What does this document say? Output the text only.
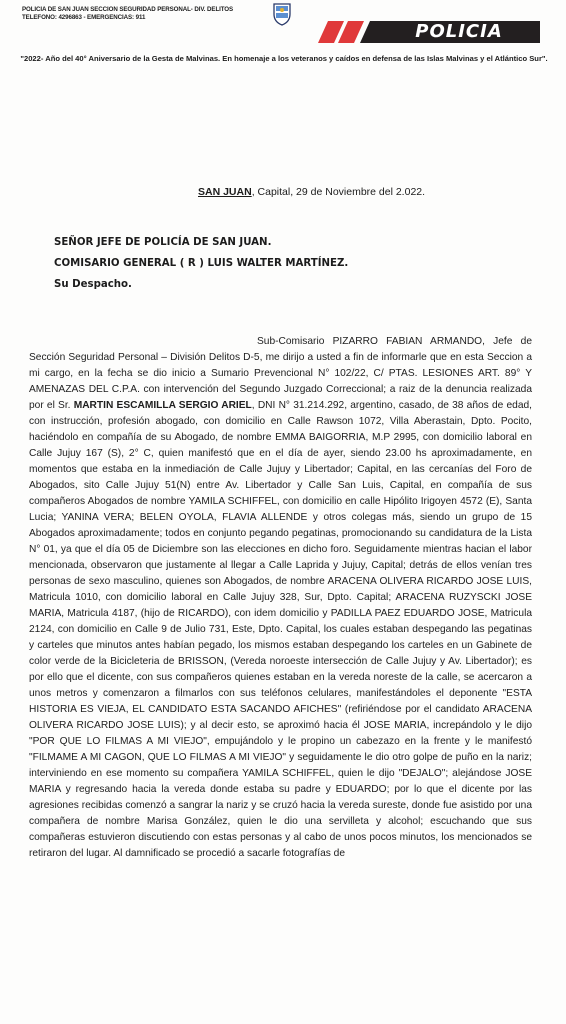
POLICIA DE SAN JUAN SECCION SEGURIDAD PERSONAL- DIV. DELITOS
TELEFONO: 4296863 - EMERGENCIAS: 911
POLICIA
"2022- Año del 40° Aniversario de la Gesta de Malvinas. En homenaje a los veteranos y caídos en defensa de las Islas Malvinas y el Atlántico Sur".
SAN JUAN, Capital, 29 de Noviembre del 2.022.
SEÑOR JEFE DE POLICÍA DE SAN JUAN.
COMISARIO GENERAL ( R ) LUIS WALTER MARTÍNEZ.
Su Despacho.
Sub-Comisario PIZARRO FABIAN ARMANDO, Jefe de Sección Seguridad Personal – División Delitos D-5, me dirijo a usted a fin de informarle que en esta Seccion a mi cargo, en la fecha se dio inicio a Sumario Prevencional N° 102/22, C/ PTAS. LESIONES ART. 89° Y AMENAZAS DEL C.P.A. con intervención del Segundo Juzgado Correccional; a raiz de la denuncia realizada por el Sr. MARTIN ESCAMILLA SERGIO ARIEL, DNI N° 31.214.292, argentino, casado, de 38 años de edad, con instrucción, profesión abogado, con domicilio en Calle Rawson 1072, Villa Aberastain, Dpto. Pocito, haciéndolo en compañía de su Abogado, de nombre EMMA BAIGORRIA, M.P 2995, con domicilio laboral en Calle Jujuy 167 (S), 2° C, quien manifestó que en el día de ayer, siendo 23.00 hs aproximadamente, en momentos que estaba en la inmediación de Calle Jujuy y Libertador; Capital, en las cercanías del Foro de Abogados, sito Calle Jujuy 51(N) entre Av. Libertador y Calle San Luis, Capital, en compañía de sus compañeros Abogados de nombre YAMILA SCHIFFEL, con domicilio en calle Hipólito Irigoyen 4572 (E), Santa Lucia; YANINA VERA; BELEN OYOLA, FLAVIA ALLENDE y otros colegas más, siendo un grupo de 15 Abogados aproximadamente; todos en conjunto pegando pegatinas, promocionando su candidatura de la Lista N° 01, ya que el día 05 de Diciembre son las elecciones en dicho foro. Seguidamente mientras hacian el labor mencionada, observaron que justamente al llegar a Calle Laprida y Jujuy, Capital; detrás de ellos venían tres personas de sexo masculino, quienes son Abogados, de nombre ARACENA OLIVERA RICARDO JOSE LUIS, Matricula 1010, con domicilio laboral en Calle Jujuy 328, Sur, Dpto. Capital; ARACENA RUZYSCKI JOSE MARIA, Matricula 4187, (hijo de RICARDO), con idem domicilio y PADILLA PAEZ EDUARDO JOSE, Matricula 2124, con domicilio en Calle 9 de Julio 731, Este, Dpto. Capital, los cuales estaban despegando las pegatinas y carteles que minutos antes habían pegado, los mismos estaban despegando los carteles en un Gabinete de color verde de la Bicicleteria de BRISSON, (Vereda noroeste intersección de Calle Jujuy y Av. Libertador); es por ello que el dicente, con sus compañeros quienes estaban en la vereda noreste de la calle, se acercaron a unos metros y comenzaron a filmarlos con sus teléfonos celulares, manifestándoles el deponente "ESTA HISTORIA ES VIEJA, EL CANDIDATO ESTA SACANDO AFICHES" (refiriéndose por el candidato ARACENA OLIVERA RICARDO JOSE LUIS); y al decir esto, se aproximó hacia él JOSE MARIA, increpándolo y le dijo "POR QUE LO FILMAS A MI VIEJO", empujándolo y le propino un cabezazo en la frente y le manifestó "FILMAME A MI CAGON, QUE LO FILMAS A MI VIEJO" y seguidamente le dio otro golpe de puño en la nariz; interviniendo en ese momento su compañera YAMILA SCHIFFEL, quien le dijo "DEJALO"; alejándose JOSE MARIA y regresando hacia la vereda donde estaba su padre y EDUARDO; por lo que el dicente por las agresiones recibidas comenzó a sangrar la nariz y se cruzó hacia la vereda sureste, donde fue asistido por una compañera de nombre Marisa González, quien le dio una servilleta y alcohol; escuchando que sus compañeras estuvieron discutiendo con estas personas y al cabo de unos pocos minutos, los mencionados se retiraron del lugar. Al damnificado se procedió a sacarle fotografías de
